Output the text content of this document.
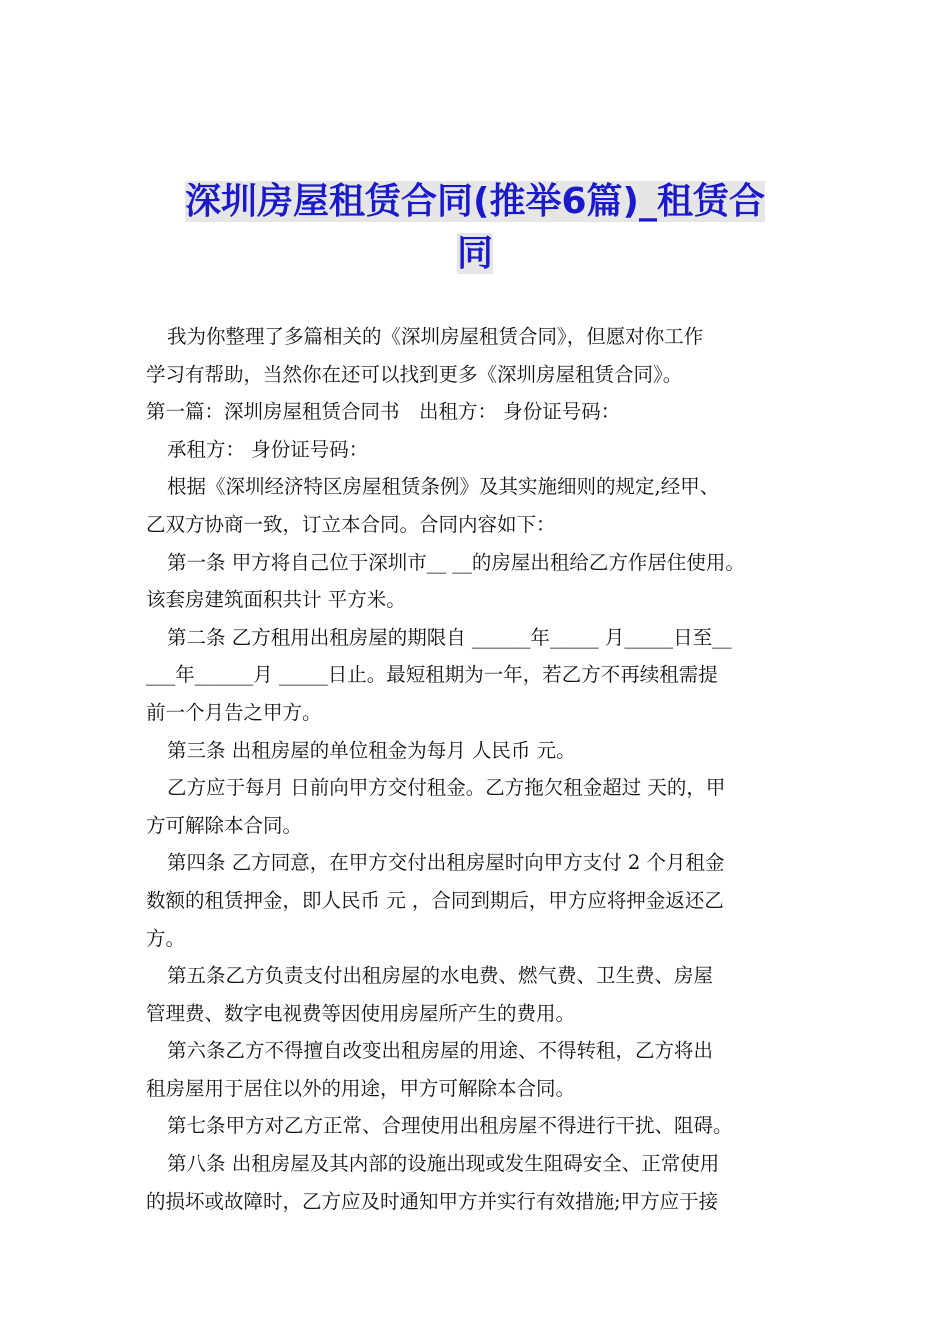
深圳房屋租赁合同(推举6篇)_租赁合
同
我为你整理了多篇相关的《深圳房屋租赁合同》，但愿对你工作
学习有帮助，当然你在还可以找到更多《深圳房屋租赁合同》。
第一篇：深圳房屋租赁合同书　出租方： 身份证号码：
承租方： 身份证号码：
根据《深圳经济特区房屋租赁条例》及其实施细则的规定,经甲、
乙双方协商一致，订立本合同。合同内容如下：
第一条 甲方将自己位于深圳市__ __的房屋出租给乙方作居住使用。
该套房建筑面积共计 平方米。
第二条 乙方租用出租房屋的期限自 ______年_____ 月_____日至__
___年______月 _____日止。最短租期为一年，若乙方不再续租需提
前一个月告之甲方。
第三条 出租房屋的单位租金为每月 人民币 元。
乙方应于每月 日前向甲方交付租金。乙方拖欠租金超过 天的，甲
方可解除本合同。
第四条 乙方同意，在甲方交付出租房屋时向甲方支付 2 个月租金
数额的租赁押金，即人民币 元 ，合同到期后，甲方应将押金返还乙
方。
第五条乙方负责支付出租房屋的水电费、燃气费、卫生费、房屋
管理费、数字电视费等因使用房屋所产生的费用。
第六条乙方不得擅自改变出租房屋的用途、不得转租，乙方将出
租房屋用于居住以外的用途，甲方可解除本合同。
第七条甲方对乙方正常、合理使用出租房屋不得进行干扰、阻碍。
第八条 出租房屋及其内部的设施出现或发生阻碍安全、正常使用
的损坏或故障时，乙方应及时通知甲方并实行有效措施;甲方应于接
